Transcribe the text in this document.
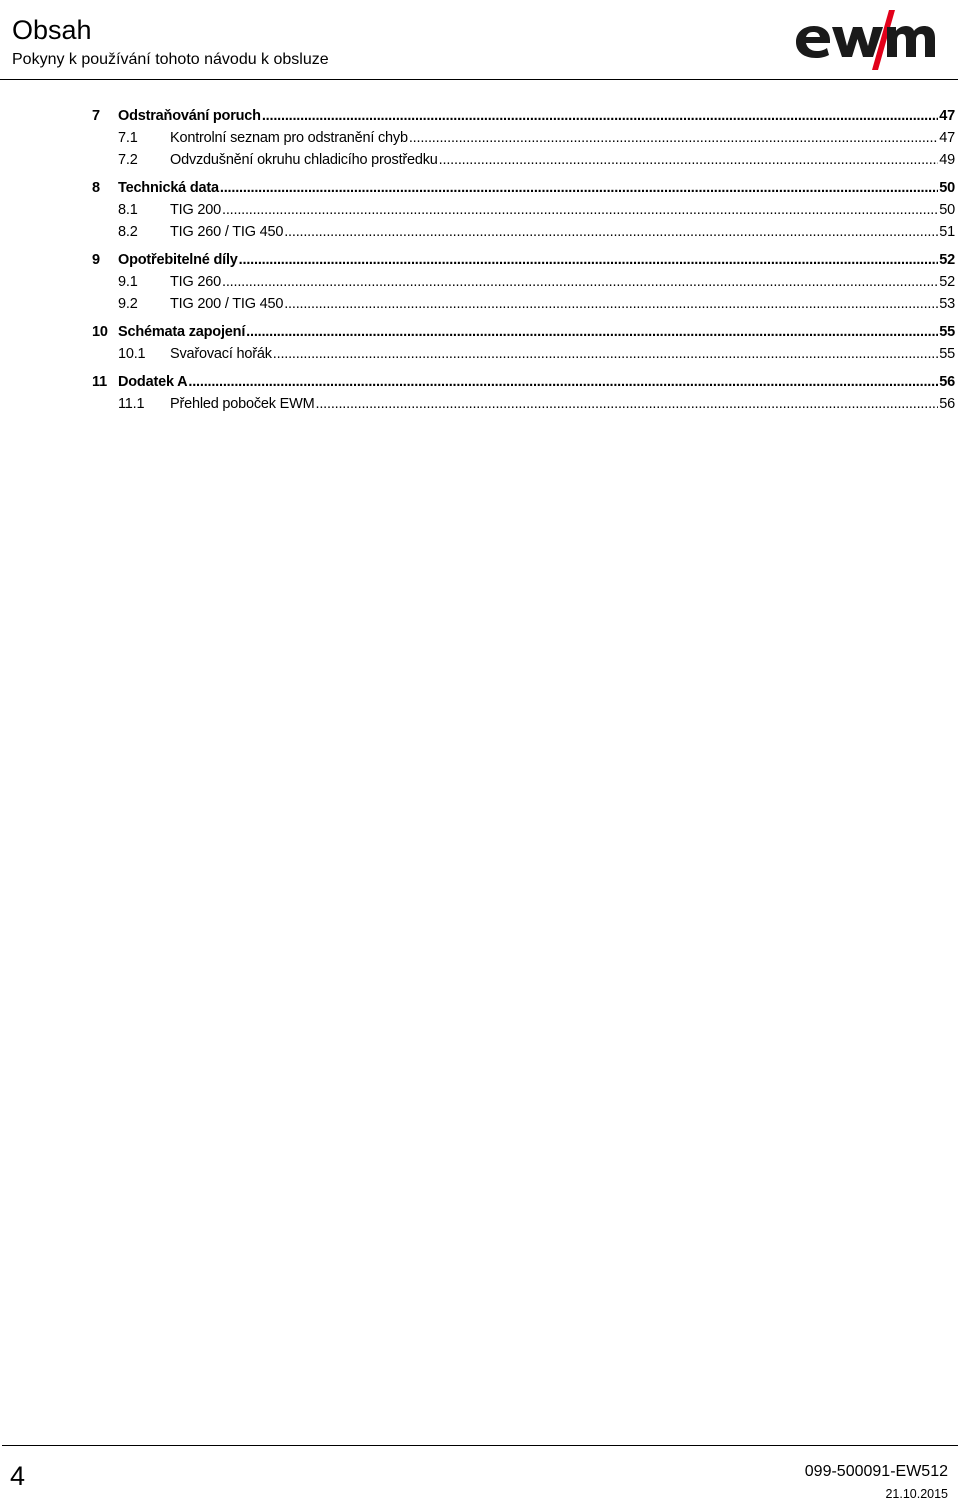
Obsah
Pokyny k používání tohoto návodu k obsluze
7	Odstraňování poruch .....	47
7.1	Kontrolní seznam pro odstranění chyb .....	47
7.2	Odvzdušnění okruhu chladicího prostředku .....	49
8	Technická data .....	50
8.1	TIG 200 .....	50
8.2	TIG 260 / TIG 450 .....	51
9	Opotřebitelné díly .....	52
9.1	TIG 260 .....	52
9.2	TIG 200 / TIG 450 .....	53
10 Schémata zapojení .....	55
10.1	Svařovací hořák .....	55
11 Dodatek A .....	56
11.1	Přehled poboček EWM .....	56
4	099-500091-EW512
21.10.2015
